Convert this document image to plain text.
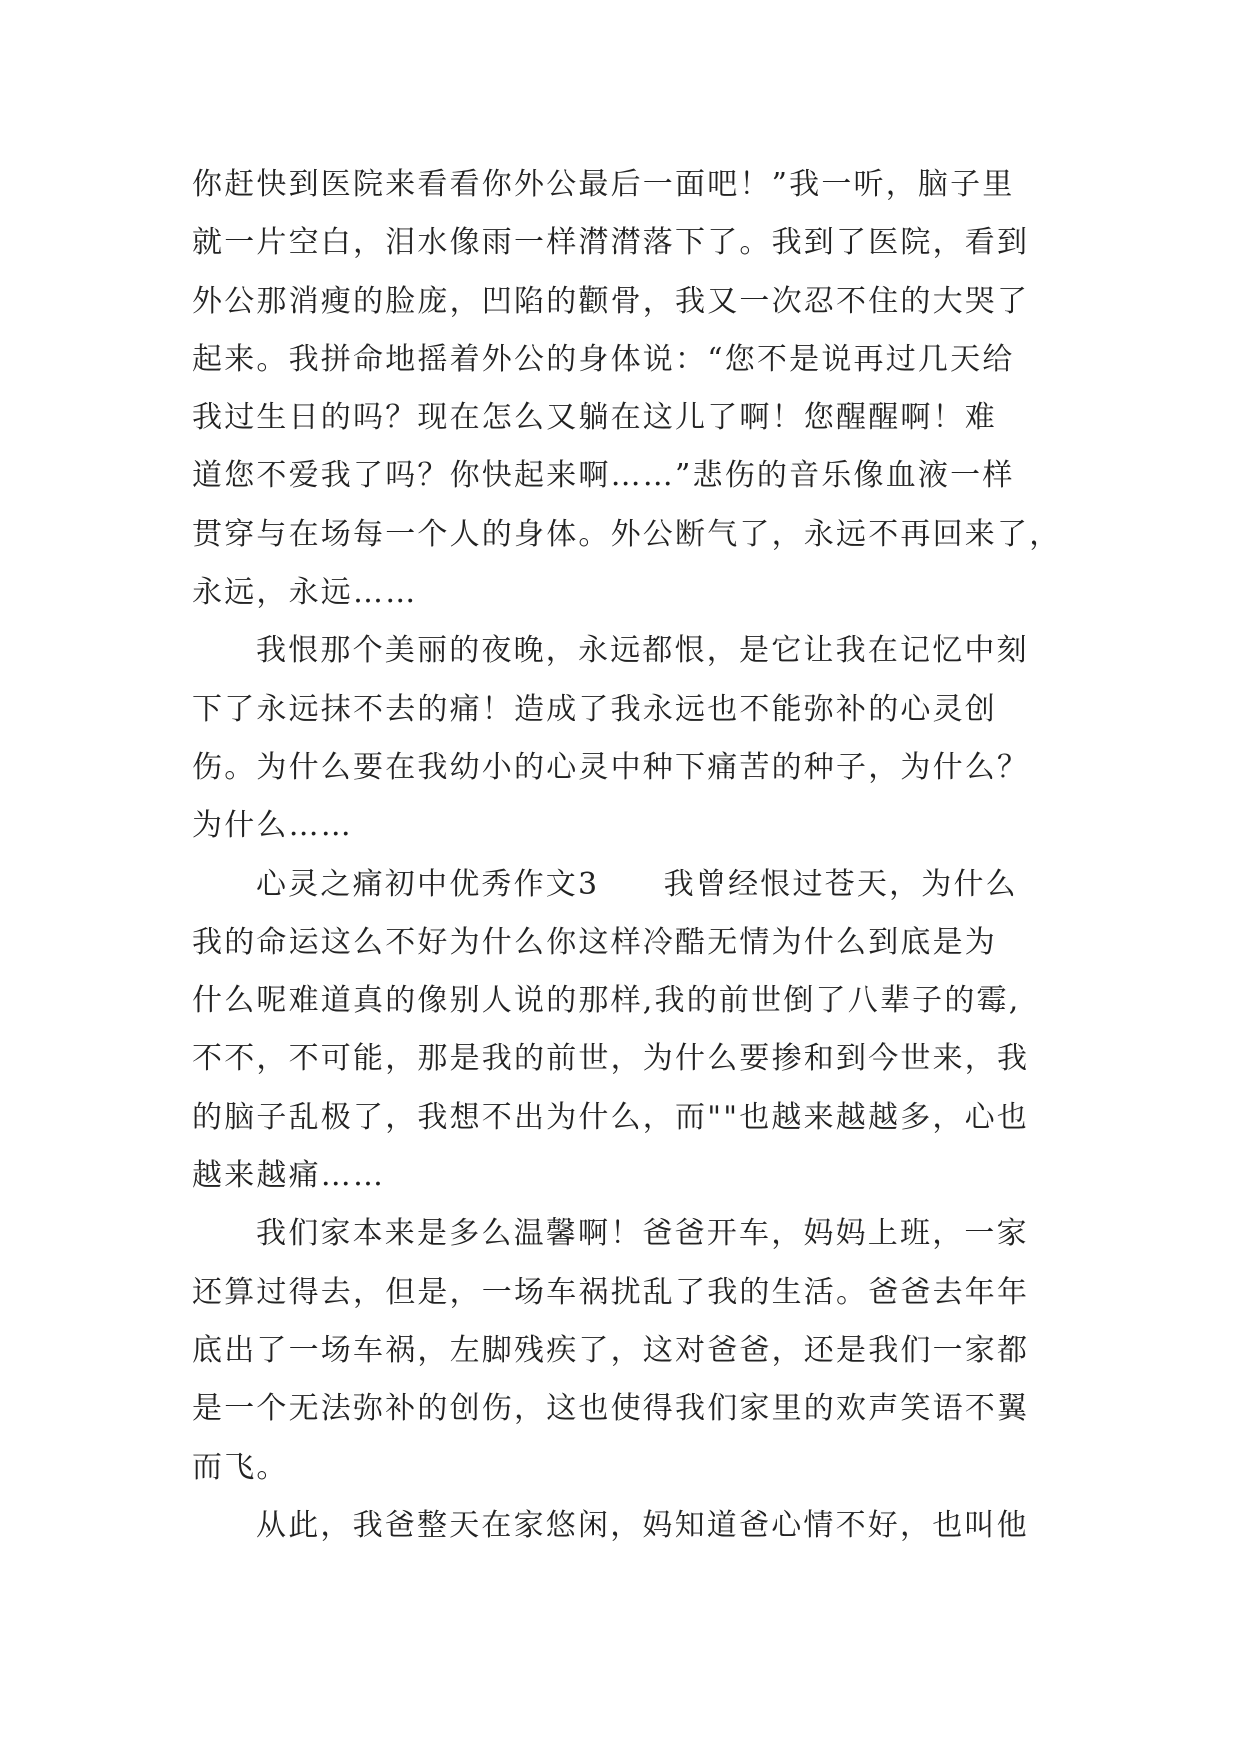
你赶快到医院来看看你外公最后一面吧！”我一听，脑子里
就一片空白，泪水像雨一样潸潸落下了。我到了医院，看到
外公那消瘦的脸庞，凹陷的颧骨，我又一次忍不住的大哭了
起来。我拼命地摇着外公的身体说：“您不是说再过几天给
我过生日的吗？现在怎么又躺在这儿了啊！您醒醒啊！难
道您不爱我了吗？你快起来啊……”悲伤的音乐像血液一样
贯穿与在场每一个人的身体。外公断气了，永远不再回来了，
永远，永远……
我恨那个美丽的夜晚，永远都恨，是它让我在记忆中刻
下了永远抹不去的痛！造成了我永远也不能弥补的心灵创
伤。为什么要在我幼小的心灵中种下痛苦的种子，为什么？
为什么……
心灵之痛初中优秀作文3　　我曾经恨过苍天，为什么
我的命运这么不好为什么你这样冷酷无情为什么到底是为
什么呢难道真的像别人说的那样,我的前世倒了八辈子的霉,
不不，不可能，那是我的前世，为什么要掺和到今世来，我
的脑子乱极了，我想不出为什么，而""也越来越越多，心也
越来越痛……
我们家本来是多么温馨啊！爸爸开车，妈妈上班，一家
还算过得去，但是，一场车祸扰乱了我的生活。爸爸去年年
底出了一场车祸，左脚残疾了，这对爸爸，还是我们一家都
是一个无法弥补的创伤，这也使得我们家里的欢声笑语不翼
而飞。
从此，我爸整天在家悠闲，妈知道爸心情不好，也叫他
